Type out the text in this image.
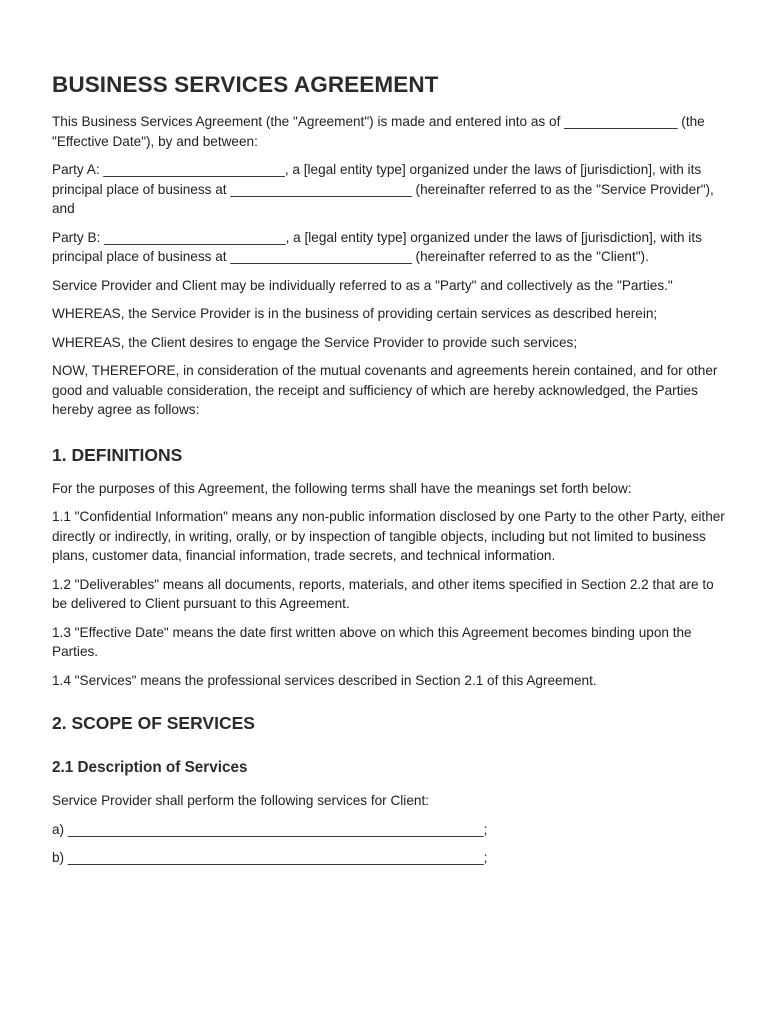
BUSINESS SERVICES AGREEMENT

This Business Services Agreement (the "Agreement") is made and entered into as of _______________ (the "Effective Date"), by and between:

Party A: ________________________, a [legal entity type] organized under the laws of [jurisdiction], with its principal place of business at ________________________ (hereinafter referred to as the "Service Provider"), and

Party B: ________________________, a [legal entity type] organized under the laws of [jurisdiction], with its principal place of business at ________________________ (hereinafter referred to as the "Client").

Service Provider and Client may be individually referred to as a "Party" and collectively as the "Parties."

WHEREAS, the Service Provider is in the business of providing certain services as described herein;

WHEREAS, the Client desires to engage the Service Provider to provide such services;

NOW, THEREFORE, in consideration of the mutual covenants and agreements herein contained, and for other good and valuable consideration, the receipt and sufficiency of which are hereby acknowledged, the Parties hereby agree as follows:

1. DEFINITIONS

For the purposes of this Agreement, the following terms shall have the meanings set forth below:

1.1 "Confidential Information" means any non-public information disclosed by one Party to the other Party, either directly or indirectly, in writing, orally, or by inspection of tangible objects, including but not limited to business plans, customer data, financial information, trade secrets, and technical information.

1.2 "Deliverables" means all documents, reports, materials, and other items specified in Section 2.2 that are to be delivered to Client pursuant to this Agreement.

1.3 "Effective Date" means the date first written above on which this Agreement becomes binding upon the Parties.

1.4 "Services" means the professional services described in Section 2.1 of this Agreement.

2. SCOPE OF SERVICES
2.1 Description of Services

Service Provider shall perform the following services for Client:

a) _______________________________________________________;

b) _______________________________________________________;
